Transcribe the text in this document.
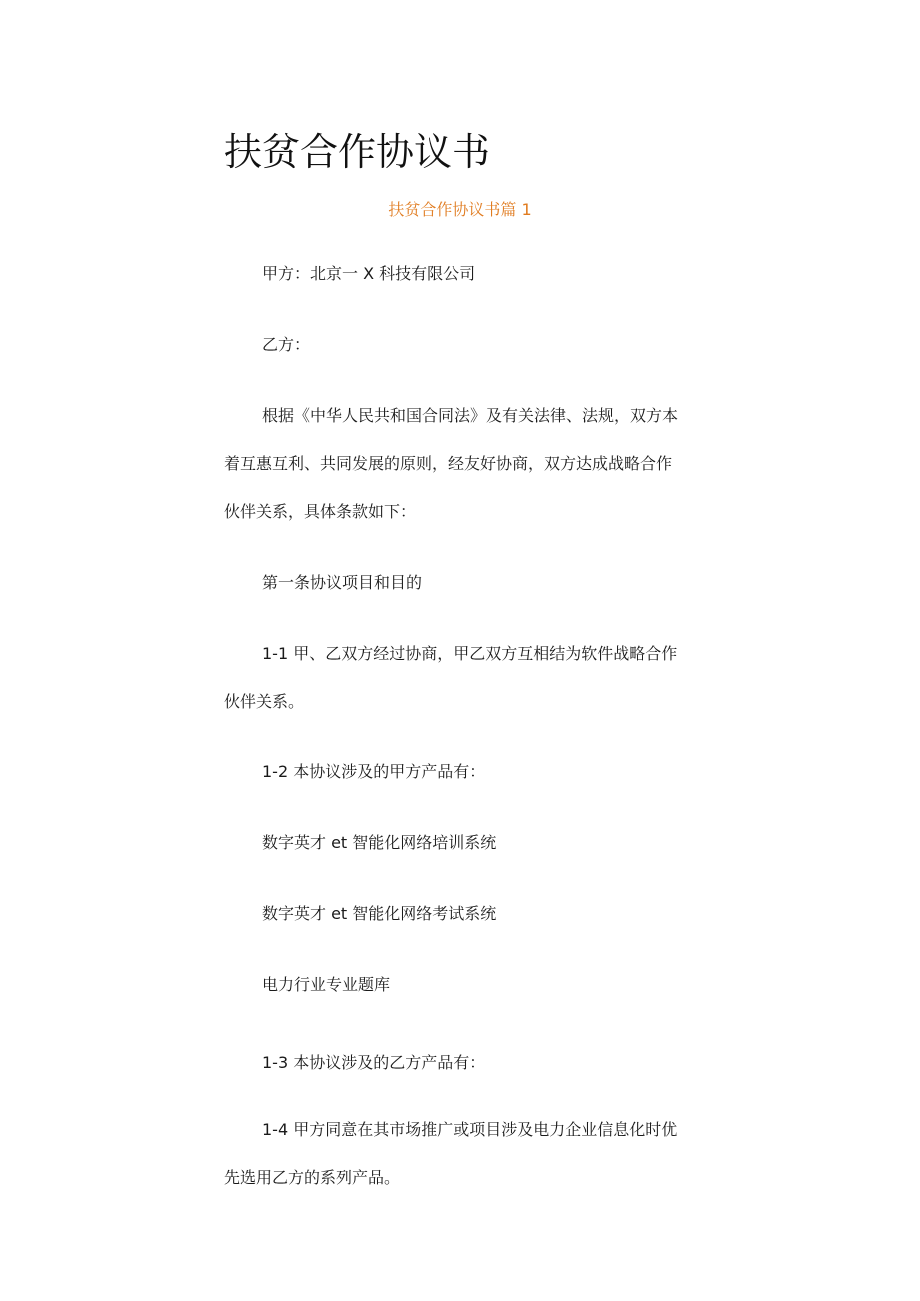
扶贫合作协议书
扶贫合作协议书篇 1

甲方：北京一 X 科技有限公司

乙方：

根据《中华人民共和国合同法》及有关法律、法规，双方本
着互惠互利、共同发展的原则，经友好协商，双方达成战略合作
伙伴关系，具体条款如下：

第一条协议项目和目的

1-1 甲、乙双方经过协商，甲乙双方互相结为软件战略合作
伙伴关系。

1-2 本协议涉及的甲方产品有：

数字英才 et 智能化网络培训系统

数字英才 et 智能化网络考试系统

电力行业专业题库

1-3 本协议涉及的乙方产品有：

1-4 甲方同意在其市场推广或项目涉及电力企业信息化时优
先选用乙方的系列产品。
